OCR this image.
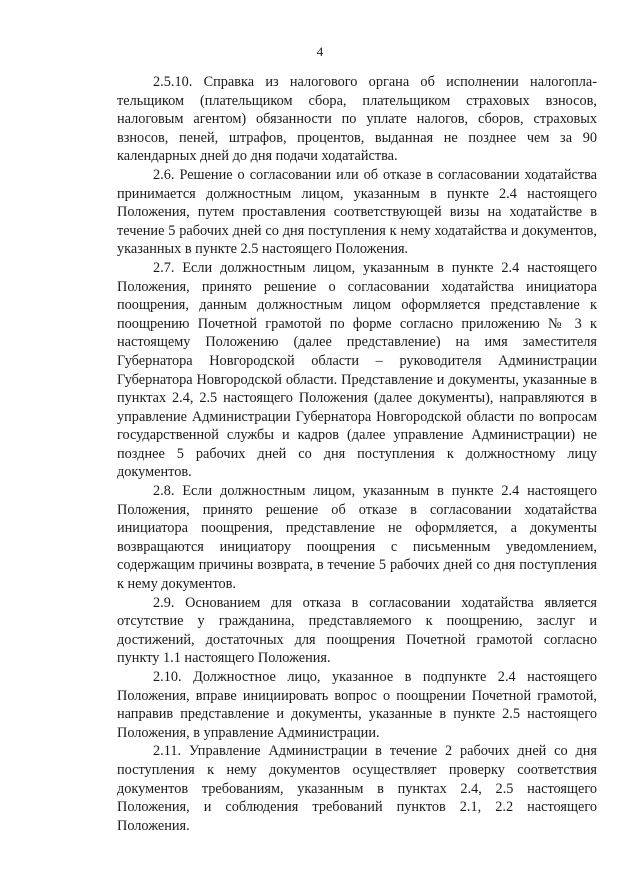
4

2.5.10. Справка из налогового органа об исполнении налогоплательщиком (плательщиком сбора, плательщиком страховых взносов, налоговым агентом) обязанности по уплате налогов, сборов, страховых взносов, пеней, штрафов, процентов, выданная не позднее чем за 90 календарных дней до дня подачи ходатайства.

2.6. Решение о согласовании или об отказе в согласовании ходатайства принимается должностным лицом, указанным в пункте 2.4 настоящего Положения, путем проставления соответствующей визы на ходатайстве в течение 5 рабочих дней со дня поступления к нему ходатайства и документов, указанных в пункте 2.5 настоящего Положения.

2.7. Если должностным лицом, указанным в пункте 2.4 настоящего Положения, принято решение о согласовании ходатайства инициатора поощрения, данным должностным лицом оформляется представление к поощрению Почетной грамотой по форме согласно приложению № 3 к настоящему Положению (далее представление) на имя заместителя Губернатора Новгородской области – руководителя Администрации Губернатора Новгородской области. Представление и документы, указанные в пунктах 2.4, 2.5 настоящего Положения (далее документы), направляются в управление Администрации Губернатора Новгородской области по вопросам государственной службы и кадров (далее управление Администрации) не позднее 5 рабочих дней со дня поступления к должностному лицу документов.

2.8. Если должностным лицом, указанным в пункте 2.4 настоящего Положения, принято решение об отказе в согласовании ходатайства инициатора поощрения, представление не оформляется, а документы возвращаются инициатору поощрения с письменным уведомлением, содержащим причины возврата, в течение 5 рабочих дней со дня поступления к нему документов.

2.9. Основанием для отказа в согласовании ходатайства является отсутствие у гражданина, представляемого к поощрению, заслуг и достижений, достаточных для поощрения Почетной грамотой согласно пункту 1.1 настоящего Положения.

2.10. Должностное лицо, указанное в подпункте 2.4 настоящего Положения, вправе инициировать вопрос о поощрении Почетной грамотой, направив представление и документы, указанные в пункте 2.5 настоящего Положения, в управление Администрации.

2.11. Управление Администрации в течение 2 рабочих дней со дня поступления к нему документов осуществляет проверку соответствия документов требованиям, указанным в пунктах 2.4, 2.5 настоящего Положения, и соблюдения требований пунктов 2.1, 2.2 настоящего Положения.
